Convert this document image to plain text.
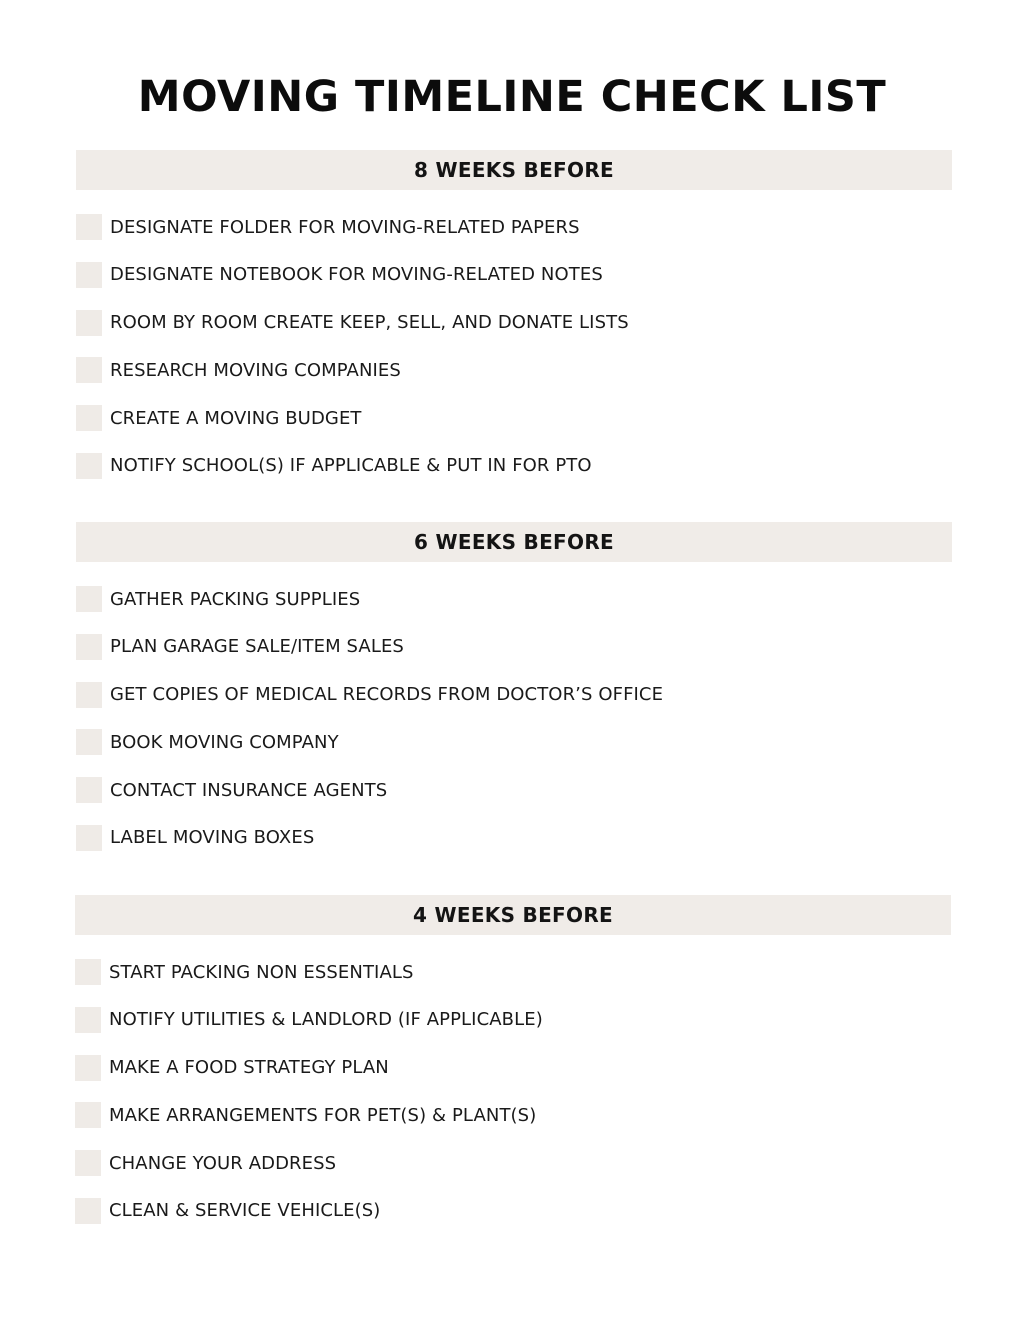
MOVING TIMELINE CHECK LIST
8 WEEKS BEFORE
DESIGNATE FOLDER FOR MOVING-RELATED PAPERS
DESIGNATE NOTEBOOK FOR MOVING-RELATED NOTES
ROOM BY ROOM CREATE KEEP, SELL, AND DONATE LISTS
RESEARCH MOVING COMPANIES
CREATE A MOVING BUDGET
NOTIFY SCHOOL(S) IF APPLICABLE & PUT IN FOR PTO
6 WEEKS BEFORE
GATHER PACKING SUPPLIES
PLAN GARAGE SALE/ITEM SALES
GET COPIES OF MEDICAL RECORDS FROM DOCTOR’S OFFICE
BOOK MOVING COMPANY
CONTACT INSURANCE AGENTS
LABEL MOVING BOXES
4 WEEKS BEFORE
START PACKING NON ESSENTIALS
NOTIFY UTILITIES & LANDLORD (IF APPLICABLE)
MAKE A FOOD STRATEGY PLAN
MAKE ARRANGEMENTS FOR PET(S) & PLANT(S)
CHANGE YOUR ADDRESS
CLEAN & SERVICE VEHICLE(S)
